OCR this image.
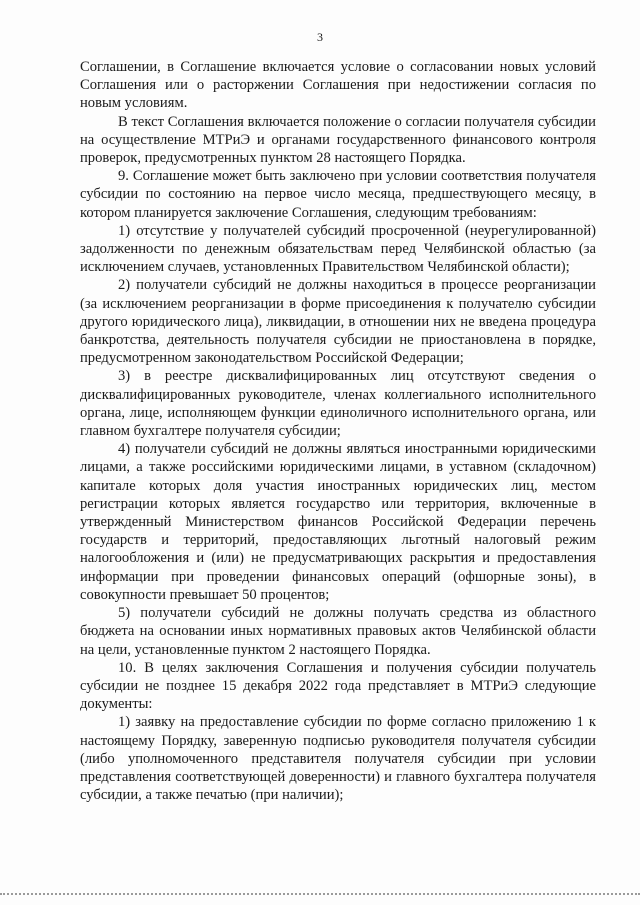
3

Соглашении, в Соглашение включается условие о согласовании новых условий Соглашения или о расторжении Соглашения при недостижении согласия по новым условиям.

В текст Соглашения включается положение о согласии получателя субсидии на осуществление МТРиЭ и органами государственного финансового контроля проверок, предусмотренных пунктом 28 настоящего Порядка.

9. Соглашение может быть заключено при условии соответствия получателя субсидии по состоянию на первое число месяца, предшествующего месяцу, в котором планируется заключение Соглашения, следующим требованиям:

1) отсутствие у получателей субсидий просроченной (неурегулированной) задолженности по денежным обязательствам перед Челябинской областью (за исключением случаев, установленных Правительством Челябинской области);

2) получатели субсидий не должны находиться в процессе реорганизации (за исключением реорганизации в форме присоединения к получателю субсидии другого юридического лица), ликвидации, в отношении них не введена процедура банкротства, деятельность получателя субсидии не приостановлена в порядке, предусмотренном законодательством Российской Федерации;

3) в реестре дисквалифицированных лиц отсутствуют сведения о дисквалифицированных руководителе, членах коллегиального исполнительного органа, лице, исполняющем функции единоличного исполнительного органа, или главном бухгалтере получателя субсидии;

4) получатели субсидий не должны являться иностранными юридическими лицами, а также российскими юридическими лицами, в уставном (складочном) капитале которых доля участия иностранных юридических лиц, местом регистрации которых является государство или территория, включенные в утвержденный Министерством финансов Российской Федерации перечень государств и территорий, предоставляющих льготный налоговый режим налогообложения и (или) не предусматривающих раскрытия и предоставления информации при проведении финансовых операций (офшорные зоны), в совокупности превышает 50 процентов;

5) получатели субсидий не должны получать средства из областного бюджета на основании иных нормативных правовых актов Челябинской области на цели, установленные пунктом 2 настоящего Порядка.

10. В целях заключения Соглашения и получения субсидии получатель субсидии не позднее 15 декабря 2022 года представляет в МТРиЭ следующие документы:

1) заявку на предоставление субсидии по форме согласно приложению 1 к настоящему Порядку, заверенную подписью руководителя получателя субсидии (либо уполномоченного представителя получателя субсидии при условии представления соответствующей доверенности) и главного бухгалтера получателя субсидии, а также печатью (при наличии);
